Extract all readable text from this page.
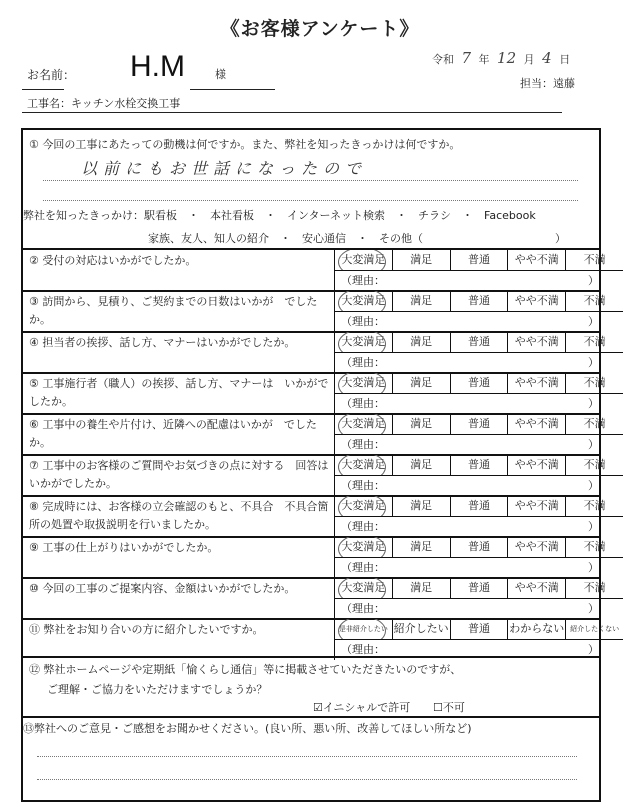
《お客様アンケート》
お名前： H.M	様
令和 7 年 12 月 4 日
担当：遠藤
工事名：キッチン水栓交換工事
① 今回の工事にあたっての動機は何ですか。また、弊社を知ったきっかけは何ですか。
以前にもお世話になったので
弊社を知ったきっかけ：駅看板　・　本社看板　・　インターネット検索　・　チラシ　・　Facebook
家族、友人、知人の紹介　・　安心通信　・　その他（　　　　　　　　　　　　）
② 受付の対応はいかがでしたか。	大変満足	満足	普通	やや不満	不満
（理由：	）
③ 訪問から、見積り、ご契約までの日数はいかが　でしたか。
大変満足	満足	普通	やや不満	不満
（理由：	）
④ 担当者の挨拶、話し方、マナーはいかがでしたか。	大変満足	満足	普通	やや不満	不満
（理由：	）
⑤ 工事施行者（職人）の挨拶、話し方、マナーは　いかがでしたか。
大変満足	満足	普通	やや不満	不満
（理由：	）
⑥ 工事中の養生や片付け、近隣への配慮はいかが　でしたか。
大変満足	満足	普通	やや不満	不満
（理由：	）
⑦ 工事中のお客様のご質問やお気づきの点に対する　回答はいかがでしたか。
大変満足	満足	普通	やや不満	不満
（理由：	）
⑧ 完成時には、お客様の立会確認のもと、不具合　不具合箇所の処置や取扱説明を行いましたか。
大変満足	満足	普通	やや不満	不満
（理由：	）
⑨ 工事の仕上がりはいかがでしたか。	大変満足	満足	普通	やや不満	不満
（理由：	）
⑩ 今回の工事のご提案内容、金額はいかがでしたか。	大変満足	満足	普通	やや不満	不満
（理由：	）
⑪ 弊社をお知り合いの方に紹介したいですか。	是非紹介したい 紹介したい	普通	わからない 紹介したくない
（理由：	）
⑫ 弊社ホームページや定期紙「愉くらし通信」等に掲載させていただきたいのですが、
ご理解・ご協力をいただけますでしょうか？
☑イニシャルで許可 ☐不可
⑬弊社へのご意見・ご感想をお聞かせください。(良い所、悪い所、改善してほしい所など)
